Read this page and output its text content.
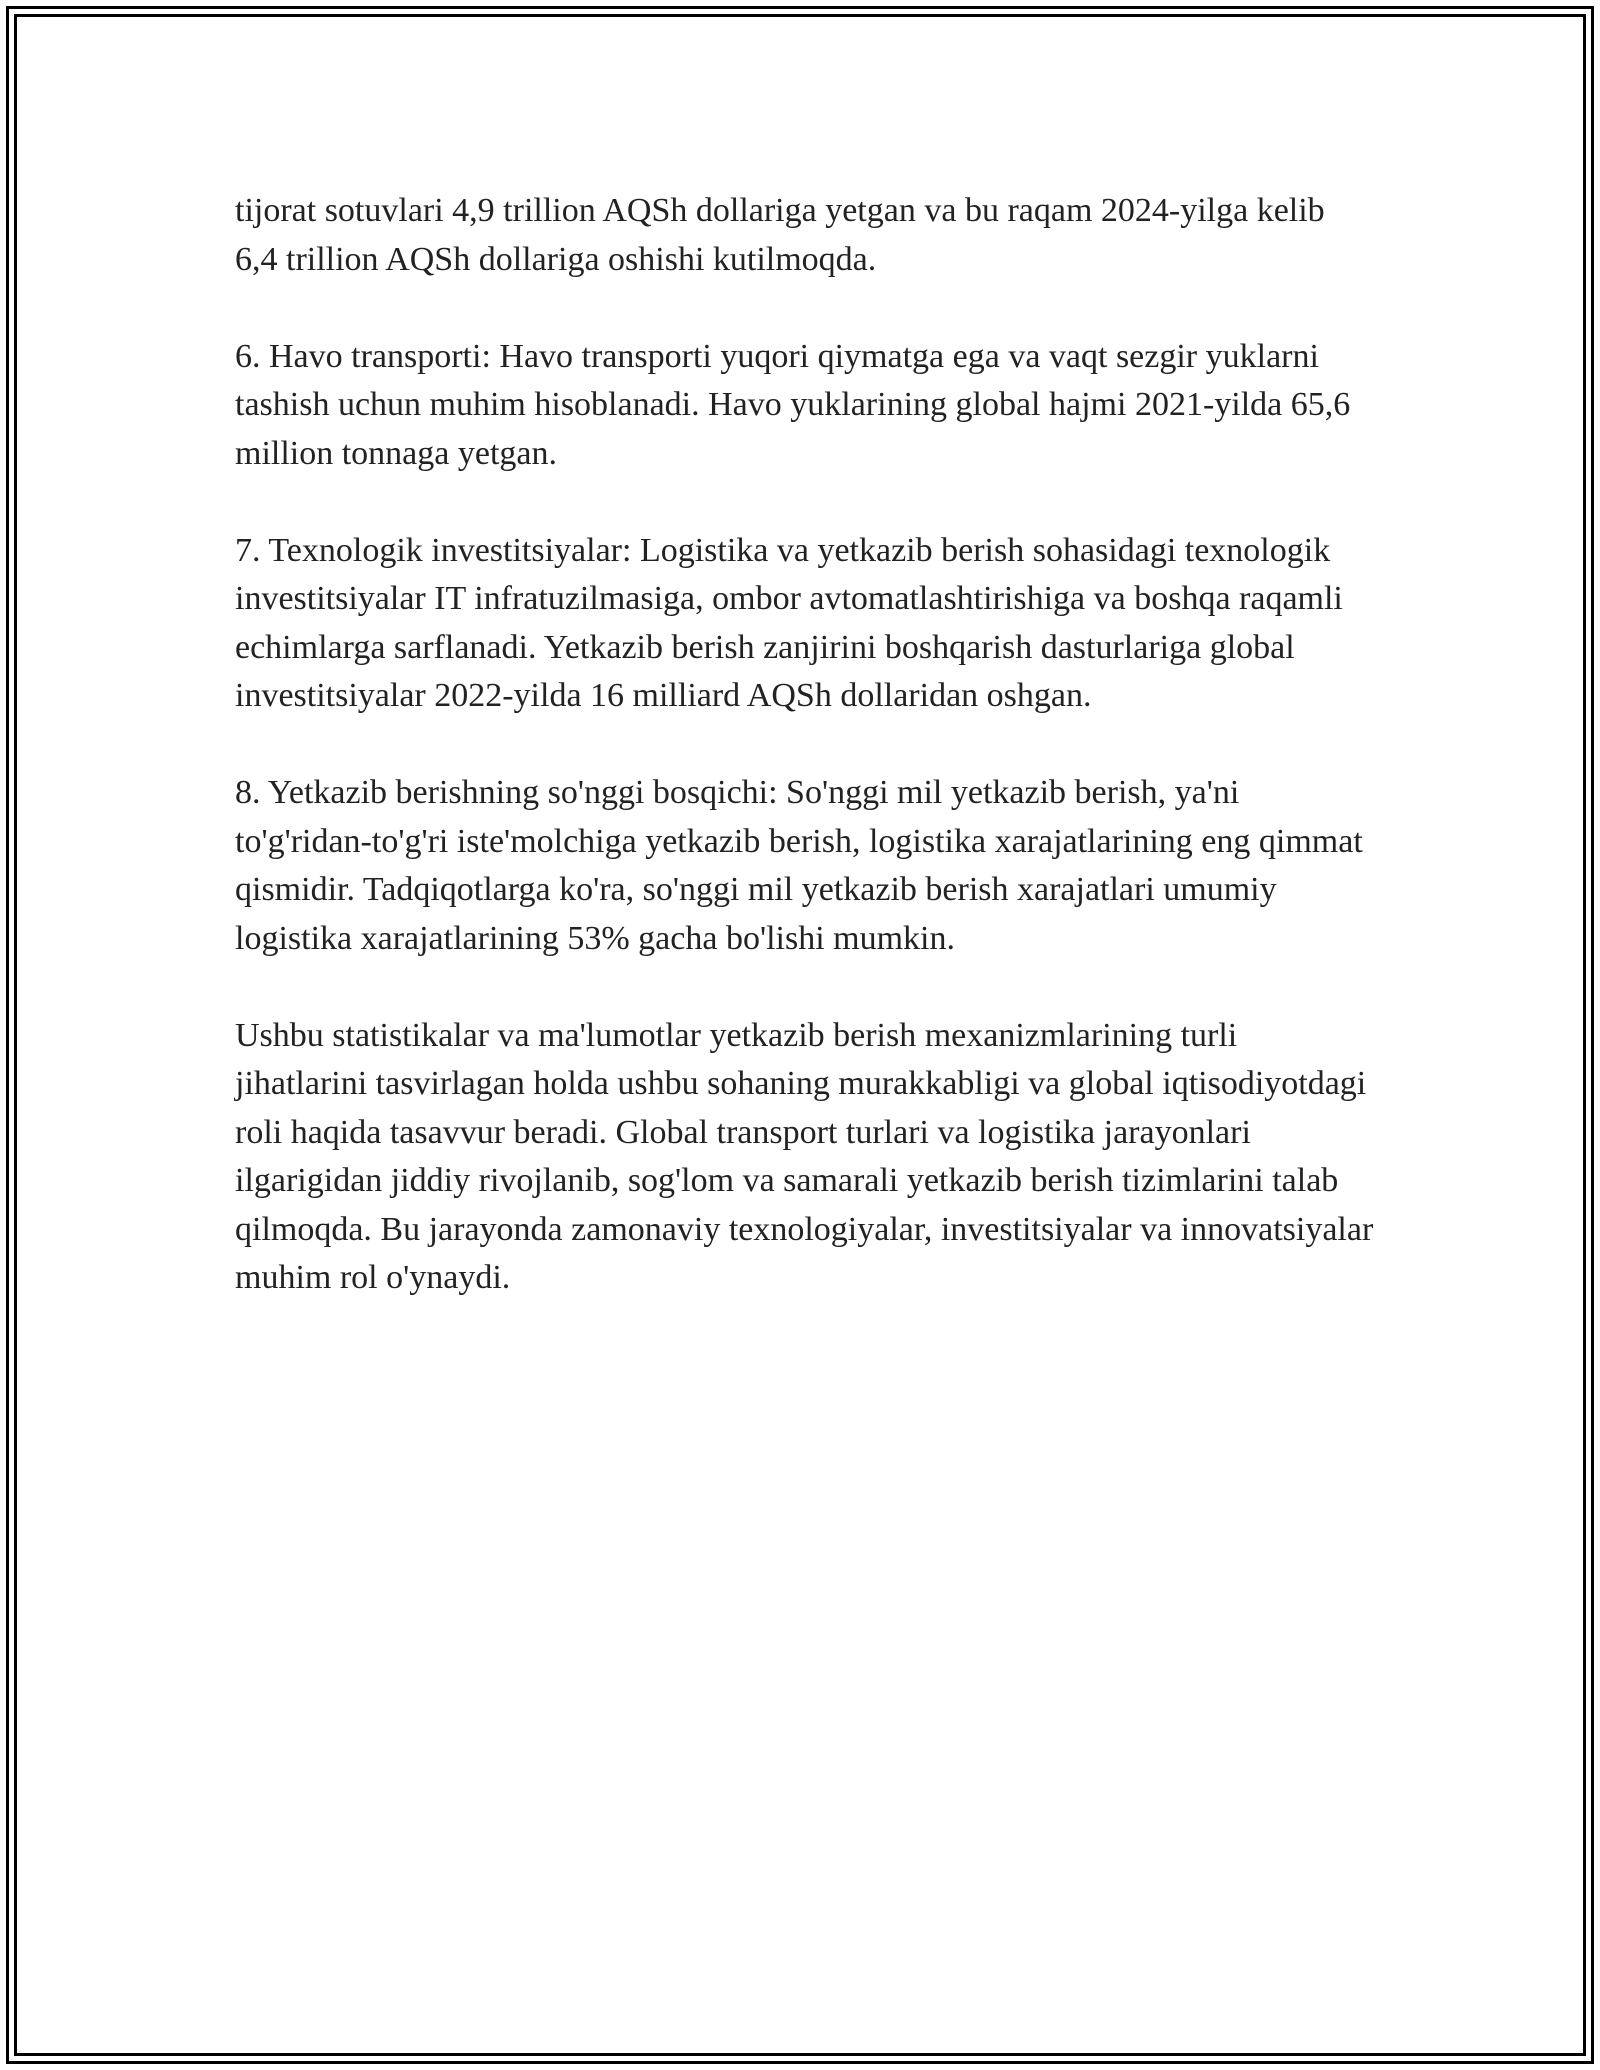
tijorat sotuvlari 4,9 trillion AQSh dollariga yetgan va bu raqam 2024-yilga kelib 6,4 trillion AQSh dollariga oshishi kutilmoqda.

6. Havo transporti: Havo transporti yuqori qiymatga ega va vaqt sezgir yuklarni tashish uchun muhim hisoblanadi. Havo yuklarining global hajmi 2021-yilda 65,6 million tonnaga yetgan.

7. Texnologik investitsiyalar: Logistika va yetkazib berish sohasidagi texnologik investitsiyalar IT infratuzilmasiga, ombor avtomatlashtirishiga va boshqa raqamli echimlarga sarflanadi. Yetkazib berish zanjirini boshqarish dasturlariga global investitsiyalar 2022-yilda 16 milliard AQSh dollaridan oshgan.

8. Yetkazib berishning so'nggi bosqichi: So'nggi mil yetkazib berish, ya'ni to'g'ridan-to'g'ri iste'molchiga yetkazib berish, logistika xarajatlarining eng qimmat qismidir. Tadqiqotlarga ko'ra, so'nggi mil yetkazib berish xarajatlari umumiy logistika xarajatlarining 53% gacha bo'lishi mumkin.

Ushbu statistikalar va ma'lumotlar yetkazib berish mexanizmlarining turli jihatlarini tasvirlagan holda ushbu sohaning murakkabligi va global iqtisodiyotdagi roli haqida tasavvur beradi. Global transport turlari va logistika jarayonlari ilgarigidan jiddiy rivojlanib, sog'lom va samarali yetkazib berish tizimlarini talab qilmoqda. Bu jarayonda zamonaviy texnologiyalar, investitsiyalar va innovatsiyalar muhim rol o'ynaydi.
